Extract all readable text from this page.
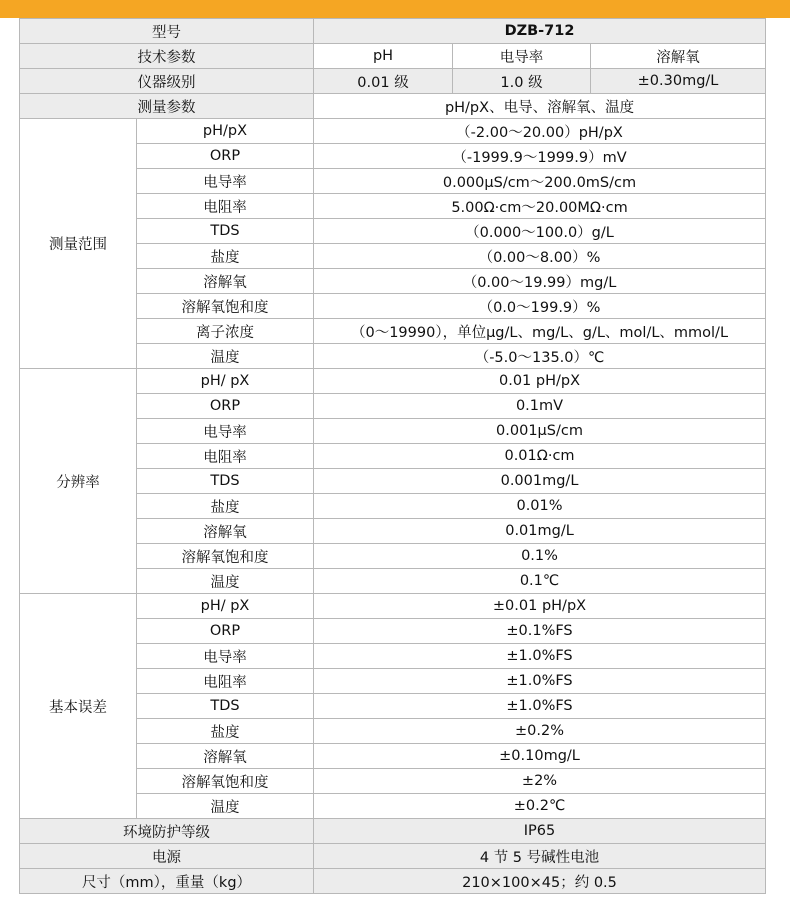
型号		DZB-712		
技术参数		pH	电导率	溶解氧
仪器级别		0.01 级	1.0 级	±0.30mg/L
测量参数		pH/pX、电导、溶解氧、温度		
测量范围	pH/pX	（-2.00～20.00）pH/pX		
	ORP	（-1999.9～1999.9）mV		
	电导率	0.000μS/cm～200.0mS/cm		
	电阻率	5.00Ω·cm～20.00MΩ·cm		
	TDS	（0.000～100.0）g/L		
	盐度	（0.00～8.00）%		
	溶解氧	（0.00～19.99）mg/L		
	溶解氧饱和度	（0.0～199.9）%		
	离子浓度	（0～19990），单位μg/L、mg/L、g/L、mol/L、mmol/L		
	温度	（-5.0～135.0）℃		
分辨率	pH/ pX	0.01 pH/pX		
	ORP	0.1mV		
	电导率	0.001μS/cm		
	电阻率	0.01Ω·cm		
	TDS	0.001mg/L		
	盐度	0.01%		
	溶解氧	0.01mg/L		
	溶解氧饱和度	0.1%		
	温度	0.1℃		
基本误差	pH/ pX	±0.01 pH/pX		
	ORP	±0.1%FS		
	电导率	±1.0%FS		
	电阻率	±1.0%FS		
	TDS	±1.0%FS		
	盐度	±0.2%		
	溶解氧	±0.10mg/L		
	溶解氧饱和度	±2%		
	温度	±0.2℃		
环境防护等级		IP65		
电源		4 节 5 号碱性电池		
尺寸（mm），重量（kg）		210×100×45；约 0.5		
